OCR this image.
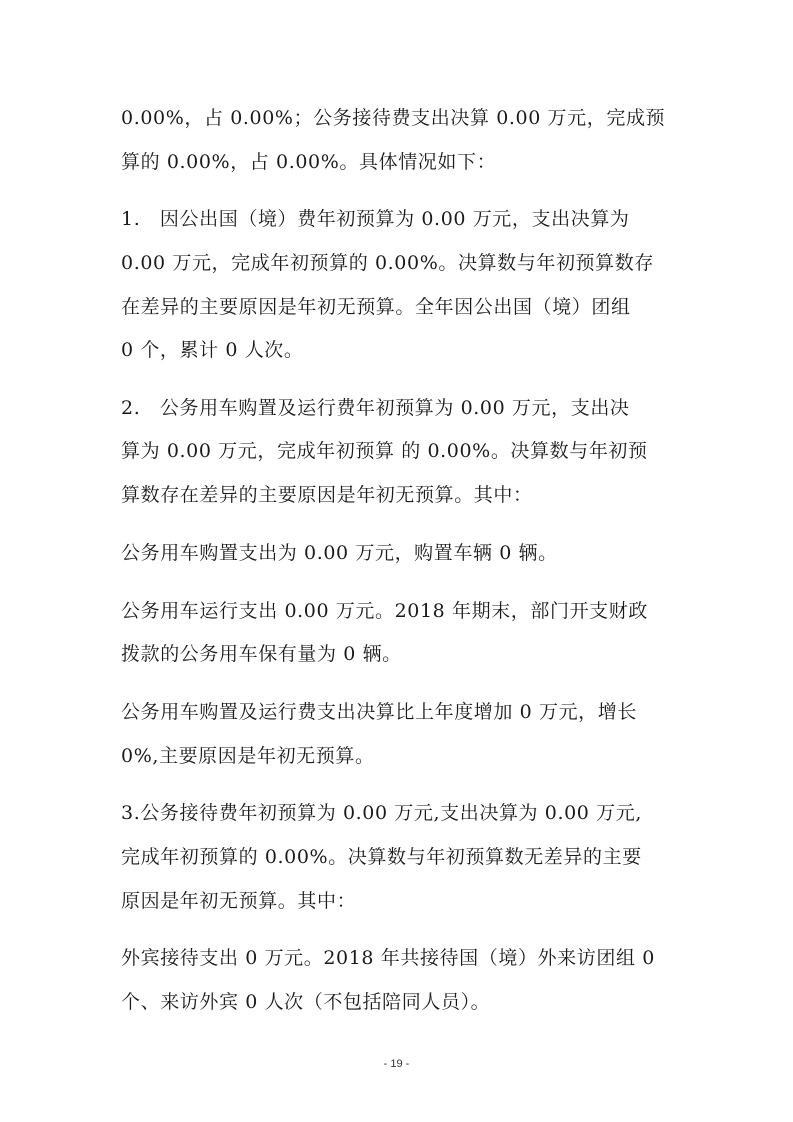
0.00%，占 0.00%；公务接待费支出决算 0.00 万元，完成预
算的 0.00%，占 0.00%。具体情况如下：
1.　因公出国（境）费年初预算为 0.00 万元，支出决算为
0.00 万元，完成年初预算的 0.00%。决算数与年初预算数存
在差异的主要原因是年初无预算。全年因公出国（境）团组
0 个，累计 0 人次。
2.　公务用车购置及运行费年初预算为 0.00 万元，支出决
算为 0.00 万元，完成年初预算 的 0.00%。决算数与年初预
算数存在差异的主要原因是年初无预算。其中：
公务用车购置支出为 0.00 万元，购置车辆 0 辆。
公务用车运行支出 0.00 万元。2018 年期末，部门开支财政
拨款的公务用车保有量为 0 辆。
公务用车购置及运行费支出决算比上年度增加 0 万元，增长
0%,主要原因是年初无预算。
3.公务接待费年初预算为 0.00 万元,支出决算为 0.00 万元,
完成年初预算的 0.00%。决算数与年初预算数无差异的主要
原因是年初无预算。其中：
外宾接待支出 0 万元。2018 年共接待国（境）外来访团组 0
个、来访外宾 0 人次（不包括陪同人员）。
- 19 -
